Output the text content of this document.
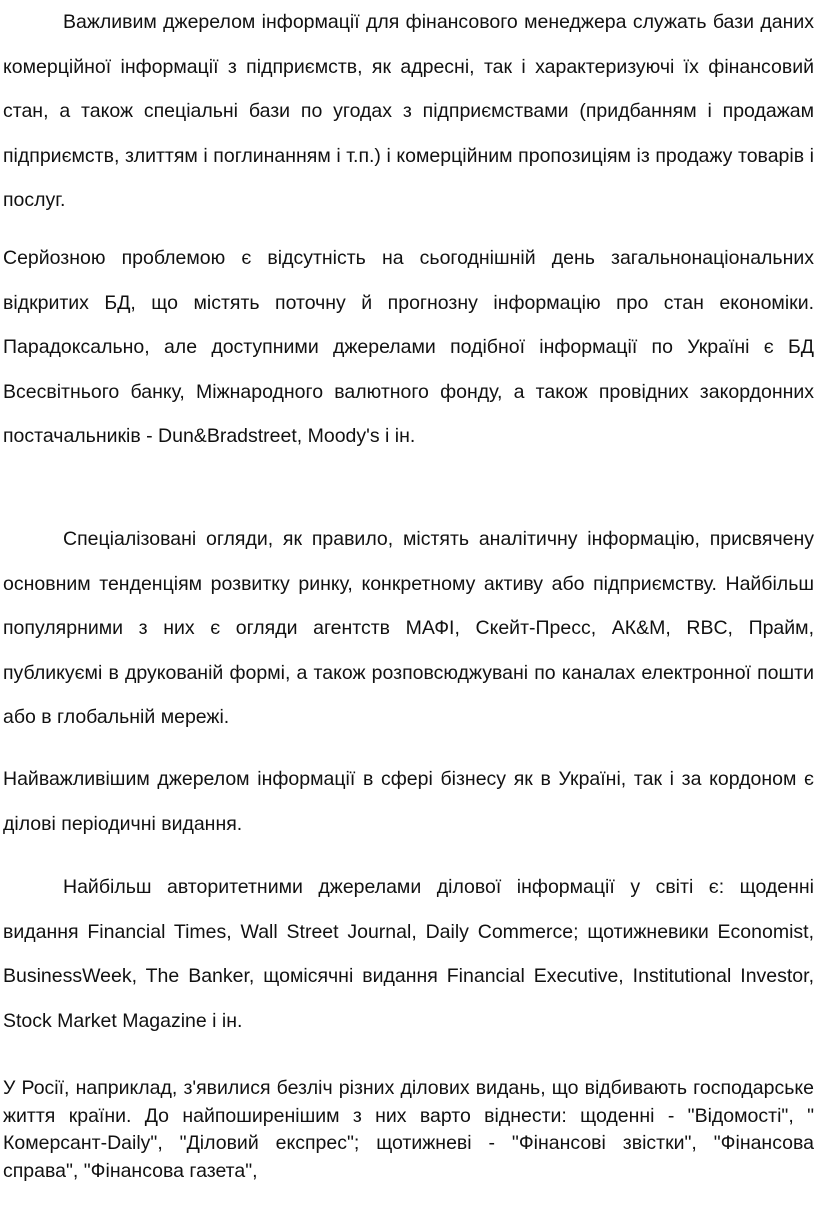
Важливим джерелом інформації для фінансового менеджера служать бази даних комерційної інформації з підприємств, як адресні, так і характеризуючі їх фінансовий стан, а також спеціальні бази по угодах з підприємствами (придбанням і продажам підприємств, злиттям і поглинанням і т.п.) і комерційним пропозиціям із продажу товарів і послуг.

Серйозною проблемою є відсутність на сьогоднішній день загальнонаціональних відкритих БД, що містять поточну й прогнозну інформацію про стан економіки. Парадоксально, але доступними джерелами подібної інформації по Україні є БД Всесвітнього банку, Міжнародного валютного фонду, а також провідних закордонних постачальників - Dun&Bradstreet, Moody's і ін.

Спеціалізовані огляди, як правило, містять аналітичну інформацію, присвячену основним тенденціям розвитку ринку, конкретному активу або підприємству. Найбільш популярними з них є огляди агентств МАФІ, Скейт-Пресс, АК&M, RBC, Прайм, публикуємі в друкованій формі, а також розповсюджувані по каналах електронної пошти або в глобальній мережі.

Найважливішим джерелом інформації в сфері бізнесу як в Україні, так і за кордоном є ділові періодичні видання.

Найбільш авторитетними джерелами ділової інформації у світі є: щоденні видання Financial Times, Wall Street Journal, Daily Commerce; щотижневики Economist, BusinessWeek, The Banker, щомісячні видання Financial Executive, Institutional Investor, Stock Market Magazine і ін.

У Росії, наприклад, з'явилися безліч різних ділових видань, що відбивають господарське життя країни. До найпоширенішим з них варто віднести: щоденні - "Відомості", " Комерсант-Daily", "Діловий експрес"; щотижневі - "Фінансові звістки", "Фінансова справа", "Фінансова газета",
